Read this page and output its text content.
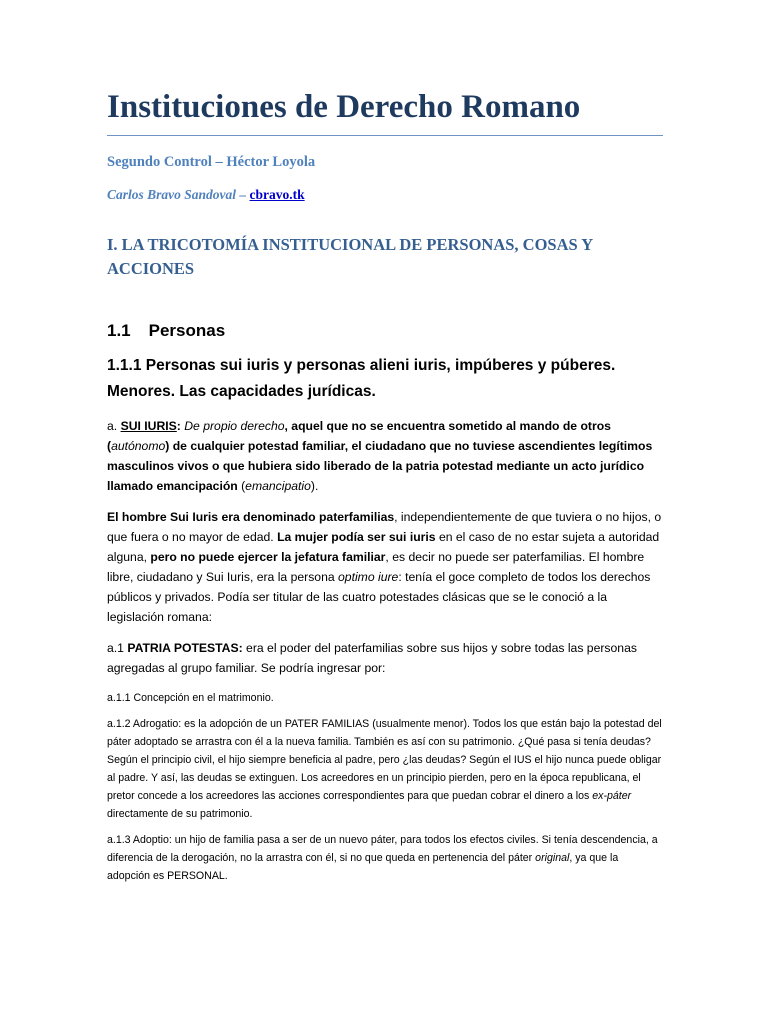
Instituciones de Derecho Romano

Segundo Control – Héctor Loyola

Carlos Bravo Sandoval – cbravo.tk

I. LA TRICOTOMÍA INSTITUCIONAL DE PERSONAS, COSAS Y ACCIONES
1.1 Personas
1.1.1 Personas sui iuris y personas alieni iuris, impúberes y púberes. Menores. Las capacidades jurídicas.

a. SUI IURIS: De propio derecho, aquel que no se encuentra sometido al mando de otros (autónomo) de cualquier potestad familiar, el ciudadano que no tuviese ascendientes legítimos masculinos vivos o que hubiera sido liberado de la patria potestad mediante un acto jurídico llamado emancipación (emancipatio).

El hombre Sui Iuris era denominado paterfamilias, independientemente de que tuviera o no hijos, o que fuera o no mayor de edad. La mujer podía ser sui iuris en el caso de no estar sujeta a autoridad alguna, pero no puede ejercer la jefatura familiar, es decir no puede ser paterfamilias. El hombre libre, ciudadano y Sui Iuris, era la persona optimo iure: tenía el goce completo de todos los derechos públicos y privados. Podía ser titular de las cuatro potestades clásicas que se le conoció a la legislación romana:

a.1 PATRIA POTESTAS: era el poder del paterfamilias sobre sus hijos y sobre todas las personas agregadas al grupo familiar. Se podría ingresar por:

a.1.1 Concepción en el matrimonio.

a.1.2 Adrogatio: es la adopción de un PATER FAMILIAS (usualmente menor). Todos los que están bajo la potestad del páter adoptado se arrastra con él a la nueva familia. También es así con su patrimonio. ¿Qué pasa si tenía deudas? Según el principio civil, el hijo siempre beneficia al padre, pero ¿las deudas? Según el IUS el hijo nunca puede obligar al padre. Y así, las deudas se extinguen. Los acreedores en un principio pierden, pero en la época republicana, el pretor concede a los acreedores las acciones correspondientes para que puedan cobrar el dinero a los ex-páter directamente de su patrimonio.

a.1.3 Adoptio: un hijo de familia pasa a ser de un nuevo páter, para todos los efectos civiles. Si tenía descendencia, a diferencia de la derogación, no la arrastra con él, si no que queda en pertenencia del páter original, ya que la adopción es PERSONAL.
